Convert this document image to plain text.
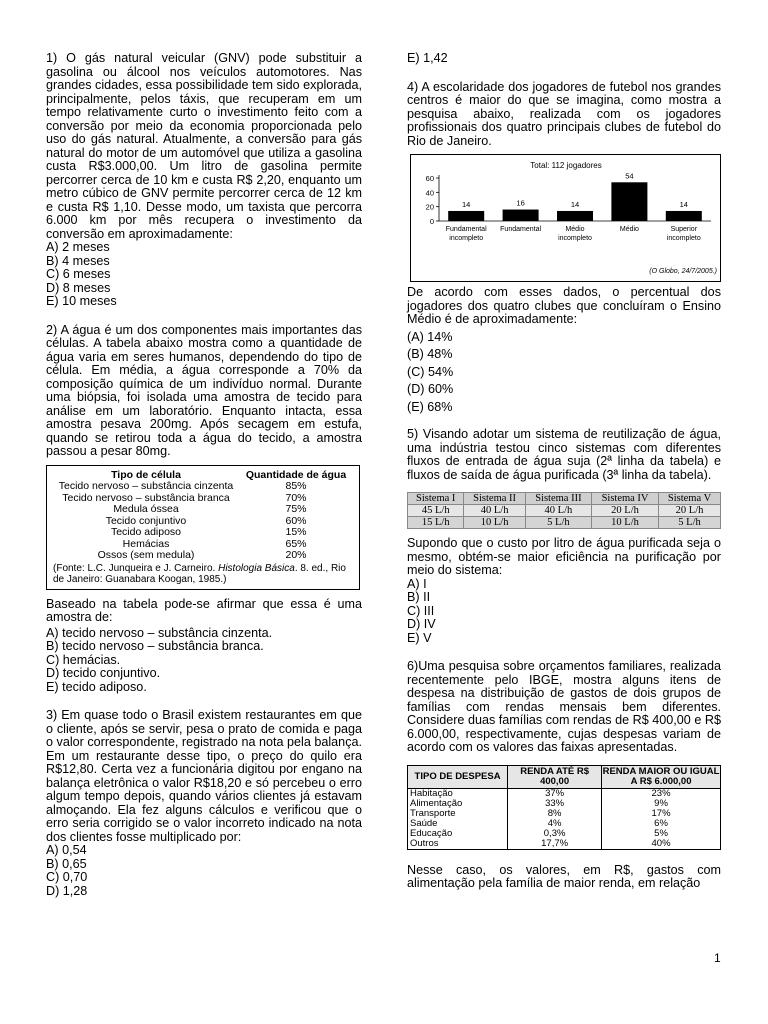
1) O gás natural veicular (GNV) pode substituir a gasolina ou álcool nos veículos automotores. Nas grandes cidades, essa possibilidade tem sido explorada, principalmente, pelos táxis, que recuperam em um tempo relativamente curto o investimento feito com a conversão por meio da economia proporcionada pelo uso do gás natural. Atualmente, a conversão para gás natural do motor de um automóvel que utiliza a gasolina custa R$3.000,00. Um litro de gasolina permite percorrer cerca de 10 km e custa R$ 2,20, enquanto um metro cúbico de GNV permite percorrer cerca de 12 km e custa R$ 1,10. Desse modo, um taxista que percorra 6.000 km por mês recupera o investimento da conversão em aproximadamente:

A) 2 meses
B) 4 meses
C) 6 meses
D) 8 meses
E) 10 meses

2) A água é um dos componentes mais importantes das células. A tabela abaixo mostra como a quantidade de água varia em seres humanos, dependendo do tipo de célula. Em média, a água corresponde a 70% da composição química de um indivíduo normal. Durante uma biópsia, foi isolada uma amostra de tecido para análise em um laboratório. Enquanto intacta, essa amostra pesava 200mg. Após secagem em estufa, quando se retirou toda a água do tecido, a amostra passou a pesar 80mg.

Tipo de célula	Quantidade de água
Tecido nervoso – substância cinzenta	85%
Tecido nervoso – substância branca	70%
Medula óssea	75%
Tecido conjuntivo	60%
Tecido adiposo	15%
Hemácias	65%
Ossos (sem medula)	20%
(Fonte: L.C. Junqueira e J. Carneiro. Histologia Básica. 8. ed., Rio de Janeiro: Guanabara Koogan, 1985.)

Baseado na tabela pode-se afirmar que essa é uma amostra de:

A) tecido nervoso – substância cinzenta.
B) tecido nervoso – substância branca.
C) hemácias.
D) tecido conjuntivo.
E) tecido adiposo.

3) Em quase todo o Brasil existem restaurantes em que o cliente, após se servir, pesa o prato de comida e paga o valor correspondente, registrado na nota pela balança. Em um restaurante desse tipo, o preço do quilo era R$12,80. Certa vez a funcionária digitou por engano na balança eletrônica o valor R$18,20 e só percebeu o erro algum tempo depois, quando vários clientes já estavam almoçando. Ela fez alguns cálculos e verificou que o erro seria corrigido se o valor incorreto indicado na nota dos clientes fosse multiplicado por:

A) 0,54
B) 0,65
C) 0,70
D) 1,28
E) 1,42

4) A escolaridade dos jogadores de futebol nos grandes centros é maior do que se imagina, como mostra a pesquisa abaixo, realizada com os jogadores profissionais dos quatro principais clubes de futebol do Rio de Janeiro.

Total: 112 jogadores
0
20
40
60
14
Fundamental
incompleto
16
Fundamental
14
Médio
incompleto
54
Médio
14
Superior
incompleto
(O Globo, 24/7/2005.)

De acordo com esses dados, o percentual dos jogadores dos quatro clubes que concluíram o Ensino Médio é de aproximadamente:

(A) 14%
(B) 48%
(C) 54%
(D) 60%
(E) 68%

5) Visando adotar um sistema de reutilização de água, uma indústria testou cinco sistemas com diferentes fluxos de entrada de água suja (2ª linha da tabela) e fluxos de saída de água purificada (3ª linha da tabela).

Sistema I	Sistema II	Sistema III	Sistema IV	Sistema V
45 L/h	40 L/h	40 L/h	20 L/h	20 L/h
15 L/h	10 L/h	5 L/h	10 L/h	5 L/h

Supondo que o custo por litro de água purificada seja o mesmo, obtém-se maior eficiência na purificação por meio do sistema:

A) I
B) II
C) III
D) IV
E) V

6)Uma pesquisa sobre orçamentos familiares, realizada recentemente pelo IBGE, mostra alguns itens de despesa na distribuição de gastos de dois grupos de famílias com rendas mensais bem diferentes. Considere duas famílias com rendas de R$ 400,00 e R$ 6.000,00, respectivamente, cujas despesas variam de acordo com os valores das faixas apresentadas.

TIPO DE DESPESA	RENDA ATÉ R$ 400,00	RENDA MAIOR OU IGUAL A R$ 6.000,00
Habitação	37%	23%
Alimentação	33%	9%
Transporte	8%	17%
Saúde	4%	6%
Educação	0,3%	5%
Outros	17,7%	40%

Nesse caso, os valores, em R$, gastos com alimentação pela família de maior renda, em relação

1
